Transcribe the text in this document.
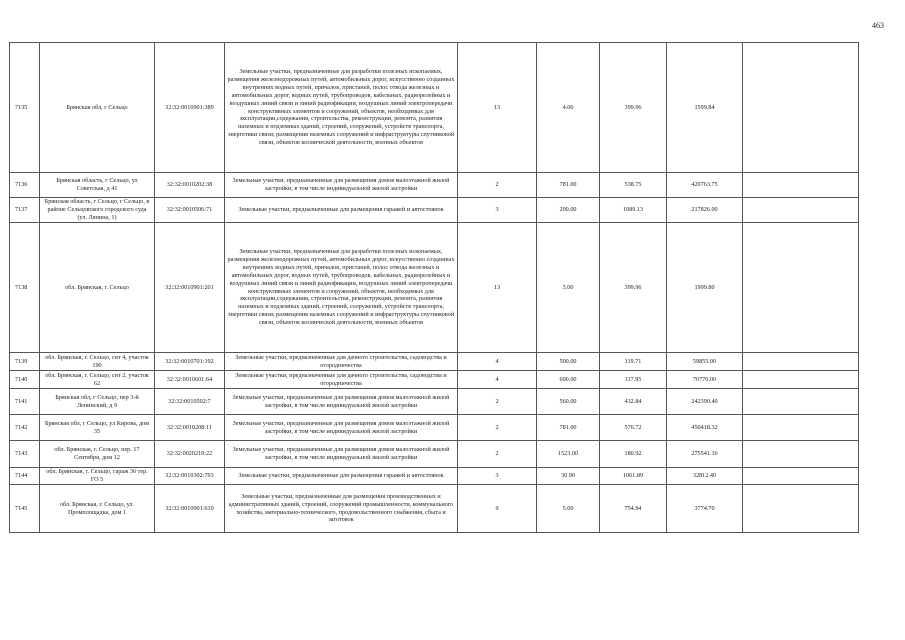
463
7135	Брянская обл, г Сельцо	32:32:0010901:389	Земельные участки, предназначенные для разработки полезных ископаемых, размещения железнодорожных путей, автомобильных дорог, искусственно созданных внутренних водных путей, причалов, пристаней, полос отвода железных и автомобильных дорог, водных путей, трубопроводов, кабельных, радиорелейных и воздушных линий связи и линий радиофикации, воздушных линий электропередачи конструктивных элементов и сооружений, объектов, необходимых для эксплуатации,содержания, строительства, реконструкции, ремонта, развития наземных и подземных зданий, строений, сооружений, устройств транспорта, энергетики связи; размещения наземных сооружений и инфраструктуры спутниковой связи, объектов космической деятельности, военных объектов	13	4.00	399.96	1599.84	
7136	Брянская область, г Сельцо, ул Советская, д 41	32:32:0010202:38	Земельные участки, предназначенные для размещения домов малоэтажной жилой застройки, в том числе индивидуальной жилой застройки	2	781.00	538.75	420763.75	
7137	Брянская область, г Сельцо, г Сельцо, в районе Сельцовского городского суда (ул. Ляпина, 1)	32:32:0010506:71	Земельные участки, предназначенные для размещения гаражей и автостоянок	3	200.00	1089.13	217826.00	
7138	обл. Брянская, г. Сельцо	32:32:0010901:201	Земельные участки, предназначенные для разработки полезных ископаемых, размещения железнодорожных путей, автомобильных дорог, искусственно созданных внутренних водных путей, причалов, пристаней, полос отвода железных и автомобильных дорог, водных путей, трубопроводов, кабельных, радиорелейных и воздушных линий связи и линий радиофикации, воздушных линий электропередачи конструктивных элементов и сооружений, объектов, необходимых для эксплуатации,содержания, строительства, реконструкции, ремонта, развития наземных и подземных зданий, строений, сооружений, устройств транспорта, энергетики связи; размещения наземных сооружений и инфраструктуры спутниковой связи, объектов космической деятельности, военных объектов	13	5.00	399.96	1999.80	
7139	обл. Брянская, г. Сельцо, снт 4, участок 190	32:32:0010701:192	Земельные участки, предназначенные для дачного строительства, садоводства и огородничества	4	500.00	119.71	59855.00	
7140	обл. Брянская, г. Сельцо, снт 2, участок 62	32:32:0010601:64	Земельные участки, предназначенные для дачного строительства, садоводства и огородничества	4	600.00	117.95	70770.00	
7141	Брянская обл, г Сельцо, пер 3-й Ленинский, д 9	32:32:0010502:7	Земельные участки, предназначенные для размещения домов малоэтажной жилой застройки, в том числе индивидуальной жилой застройки	2	560.00	432.84	242390.40	
7142	Брянская обл, г Сельцо, ул Кирова, дом 35	32:32:0010208:11	Земельные участки, предназначенные для размещения домов малоэтажной жилой застройки, в том числе индивидуальной жилой застройки	2	781.00	576.72	450418.32	
7143	обл. Брянская, г. Сельцо, пер. 17 Сентября, дом 12	32:32:0020219:22	Земельные участки, предназначенные для размещения домов малоэтажной жилой застройки, в том числе индивидуальной жилой застройки	2	1523.00	180.92	275541.16	
7144	обл. Брянская, г. Сельцо, гараж 36 тер. ГО 5	32:32:0010302:793	Земельные участки, предназначенные для размещения гаражей и автостоянок	3	30.90	1061.89	32812.40	
7145	обл. Брянская, г. Сельцо, ул. Промплощадка, дом 1	32:32:0010901:610	Земельные участки, предназначенные для размещения производственных и административных зданий, строений, сооружений промышленности, коммунального хозяйства, материально-технического, продовольственного снабжения, сбыта и заготовок	9	5.00	754.94	3774.70	
